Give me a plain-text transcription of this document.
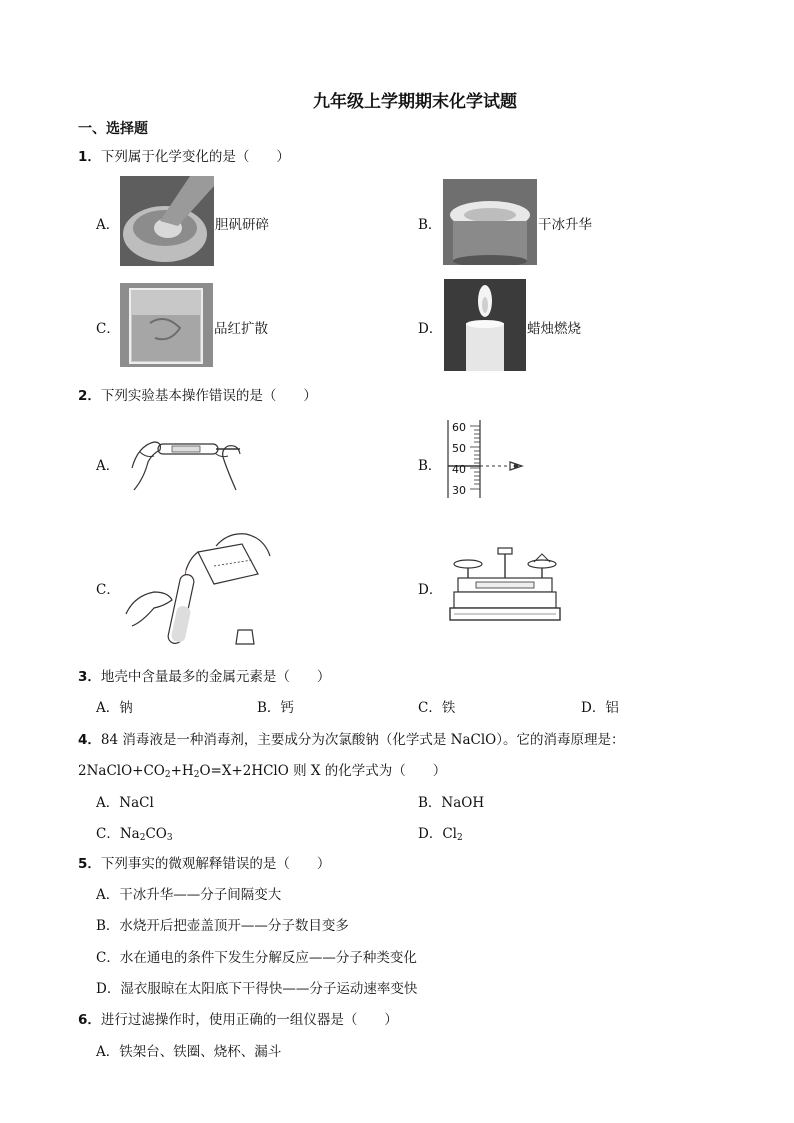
九年级上学期期末化学试题
一、选择题
1．下列属于化学变化的是（　　）
A．	胆矾研碎	B．	干冰升华
C．	品红扩散	D．	蜡烛燃烧
2．下列实验基本操作错误的是（　　）
A．	B．
60
50
40
30
C．	D．
3．地壳中含量最多的金属元素是（　　）
A．钠	B．钙	C．铁	D．铝
4．84 消毒液是一种消毒剂，主要成分为次氯酸钠（化学式是 NaClO）。它的消毒原理是：
$2NaClO+CO_2+H_2O=X+2HClO$ 则 X 的化学式为（　　）
A．NaCl	B．NaOH
C．$Na_2CO_3$	D．$Cl_2$
5．下列事实的微观解释错误的是（　　）
A．干冰升华——分子间隔变大
B．水烧开后把壶盖顶开——分子数目变多
C．水在通电的条件下发生分解反应——分子种类变化
D．湿衣服晾在太阳底下干得快——分子运动速率变快
6．进行过滤操作时，使用正确的一组仪器是（　　）
A．铁架台、铁圈、烧杯、漏斗
